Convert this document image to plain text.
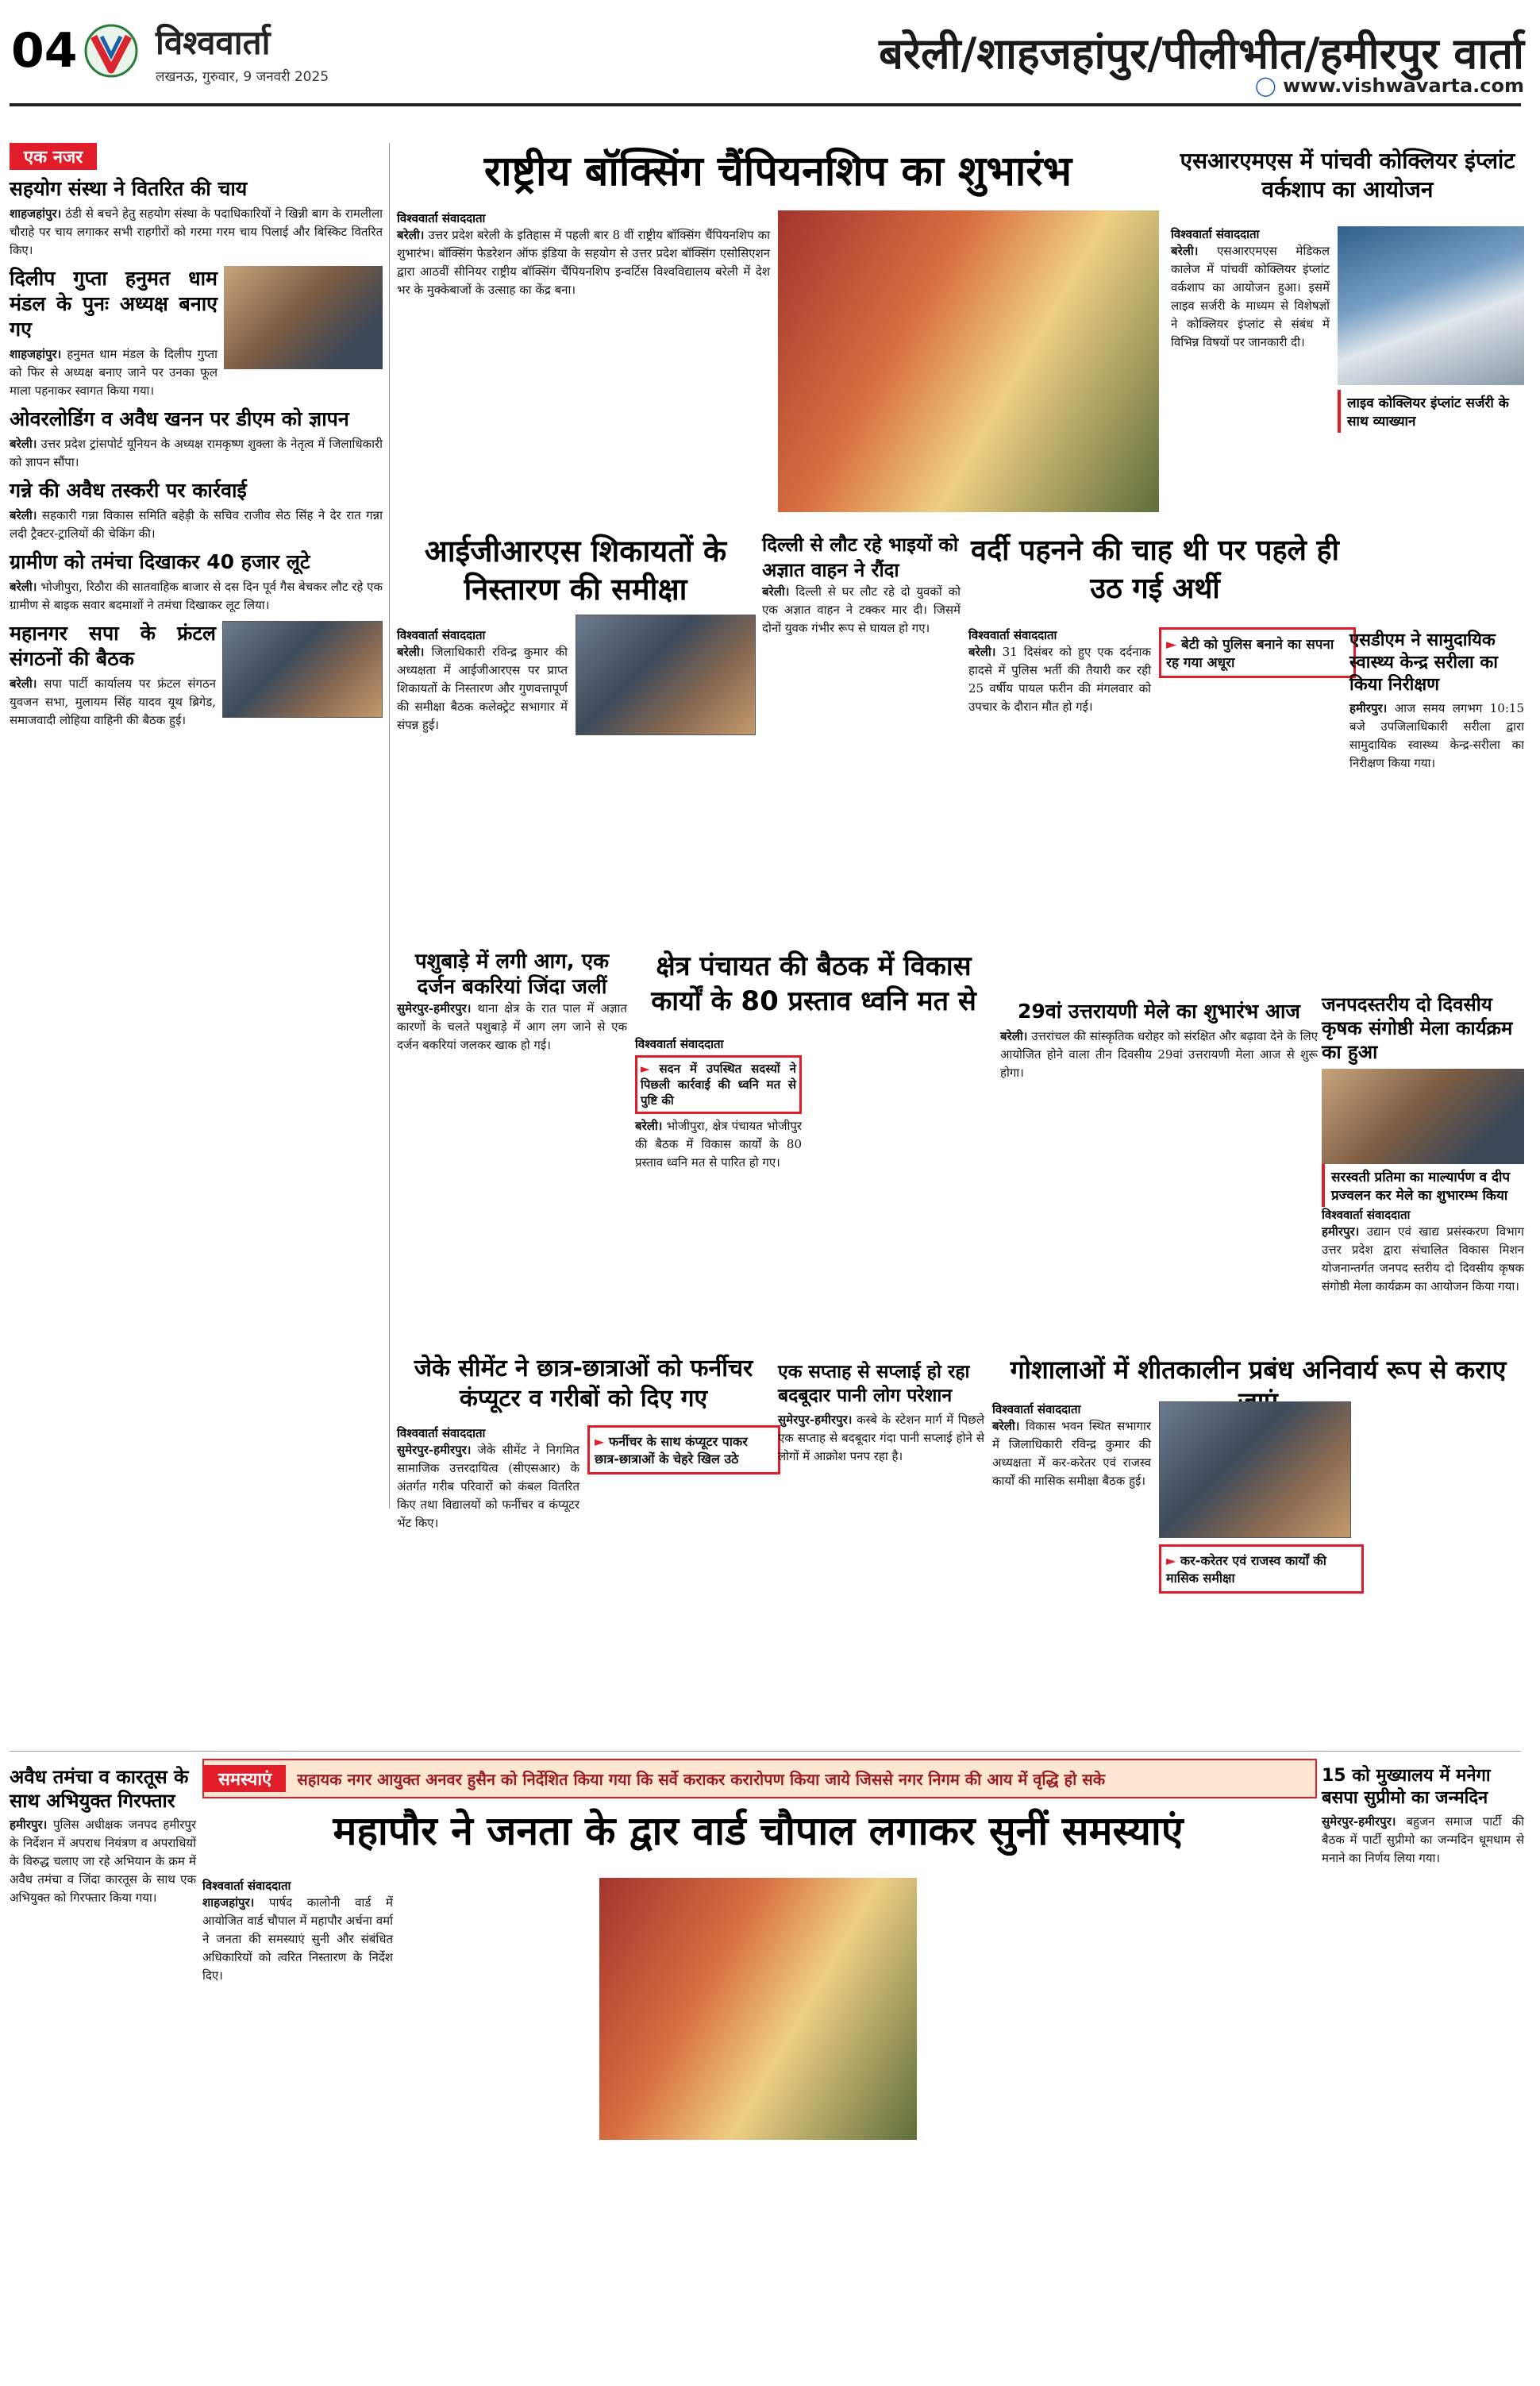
04 विश्ववार्ता
लखनऊ, गुरुवार, 9 जनवरी 2025	बरेली/शाहजहांपुर/पीलीभीत/हमीरपुर वार्ता
◯ www.vishwavarta.com
एक नजर
सहयोग संस्था ने वितरित की चाय

शाहजहांपुर। ठंडी से बचने हेतु सहयोग संस्था के पदाधिकारियों ने खिन्नी बाग के रामलीला चौराहे पर चाय लगाकर सभी राहगीरों को गरमा गरम चाय पिलाई और बिस्किट वितरित किए।

दिलीप गुप्ता हनुमत धाम मंडल के पुनः अध्यक्ष बनाए गए

शाहजहांपुर। हनुमत धाम मंडल के दिलीप गुप्ता को फिर से अध्यक्ष बनाए जाने पर उनका फूल माला पहनाकर स्वागत किया गया।

ओवरलोडिंग व अवैध खनन पर डीएम को ज्ञापन

बरेली। उत्तर प्रदेश ट्रांसपोर्ट यूनियन के अध्यक्ष रामकृष्ण शुक्ला के नेतृत्व में जिलाधिकारी को ज्ञापन सौंपा।

गन्ने की अवैध तस्करी पर कार्रवाई

बरेली। सहकारी गन्ना विकास समिति बहेड़ी के सचिव राजीव सेठ सिंह ने देर रात गन्ना लदी ट्रैक्टर-ट्रालियों की चेकिंग की।

ग्रामीण को तमंचा दिखाकर 40 हजार लूटे

बरेली। भोजीपुरा, रिठौरा की सातवाहिक बाजार से दस दिन पूर्व गैस बेचकर लौट रहे एक ग्रामीण से बाइक सवार बदमाशों ने तमंचा दिखाकर लूट लिया।

महानगर सपा के फ्रंटल संगठनों की बैठक

बरेली। सपा पार्टी कार्यालय पर फ्रंटल संगठन युवजन सभा, मुलायम सिंह यादव यूथ ब्रिगेड, समाजवादी लोहिया वाहिनी की बैठक हुई।

राष्ट्रीय बॉक्सिंग चैंपियनशिप का शुभारंभ
विश्ववार्ता संवाददाता

बरेली। उत्तर प्रदेश बरेली के इतिहास में पहली बार 8 वीं राष्ट्रीय बॉक्सिंग चैंपियनशिप का शुभारंभ। बॉक्सिंग फेडरेशन ऑफ इंडिया के सहयोग से उत्तर प्रदेश बॉक्सिंग एसोसिएशन द्वारा आठवीं सीनियर राष्ट्रीय बॉक्सिंग चैंपियनशिप इन्वर्टिस विश्वविद्यालय बरेली में देश भर के मुक्केबाजों के उत्साह का केंद्र बना।

एसआरएमएस में पांचवी कोक्लियर इंप्लांट वर्कशाप का आयोजन
विश्ववार्ता संवाददाता

बरेली। एसआरएमएस मेडिकल कालेज में पांचवीं कोक्लियर इंप्लांट वर्कशाप का आयोजन हुआ। इसमें लाइव सर्जरी के माध्यम से विशेषज्ञों ने कोक्लियर इंप्लांट से संबंध में विभिन्न विषयों पर जानकारी दी।

लाइव कोक्लियर इंप्लांट सर्जरी के साथ व्याख्यान
आईजीआरएस शिकायतों के निस्तारण की समीक्षा
विश्ववार्ता संवाददाता

बरेली। जिलाधिकारी रविन्द्र कुमार की अध्यक्षता में आईजीआरएस पर प्राप्त शिकायतों के निस्तारण और गुणवत्तापूर्ण की समीक्षा बैठक कलेक्ट्रेट सभागार में संपन्न हुई।

दिल्ली से लौट रहे भाइयों को अज्ञात वाहन ने रौंदा

बरेली। दिल्ली से घर लौट रहे दो युवकों को एक अज्ञात वाहन ने टक्कर मार दी। जिसमें दोनों युवक गंभीर रूप से घायल हो गए।

वर्दी पहनने की चाह थी पर पहले ही उठ गई अर्थी
विश्ववार्ता संवाददाता

बरेली। 31 दिसंबर को हुए एक दर्दनाक हादसे में पुलिस भर्ती की तैयारी कर रही 25 वर्षीय पायल फरीन की मंगलवार को उपचार के दौरान मौत हो गई।

► बेटी को पुलिस बनाने का सपना रह गया अधूरा
एसडीएम ने सामुदायिक स्वास्थ्य केन्द्र सरीला का किया निरीक्षण

हमीरपुर। आज समय लगभग 10:15 बजे उपजिलाधिकारी सरीला द्वारा सामुदायिक स्वास्थ्य केन्द्र-सरीला का निरीक्षण किया गया।

पशुबाड़े में लगी आग, एक दर्जन बकरियां जिंदा जलीं

सुमेरपुर-हमीरपुर। थाना क्षेत्र के रात पाल में अज्ञात कारणों के चलते पशुबाड़े में आग लग जाने से एक दर्जन बकरियां जलकर खाक हो गई।

क्षेत्र पंचायत की बैठक में विकास कार्यों के 80 प्रस्ताव ध्वनि मत से
विश्ववार्ता संवाददाता
► सदन में उपस्थित सदस्यों ने पिछली कार्रवाई की ध्वनि मत से पुष्टि की

बरेली। भोजीपुरा, क्षेत्र पंचायत भोजीपुर की बैठक में विकास कार्यों के 80 प्रस्ताव ध्वनि मत से पारित हो गए।

29वां उत्तरायणी मेले का शुभारंभ आज

बरेली। उत्तरांचल की सांस्कृतिक धरोहर को संरक्षित और बढ़ावा देने के लिए आयोजित होने वाला तीन दिवसीय 29वां उत्तरायणी मेला आज से शुरू होगा।

जनपदस्तरीय दो दिवसीय कृषक संगोष्ठी मेला कार्यक्रम का हुआ
सरस्वती प्रतिमा का माल्यार्पण व दीप प्रज्वलन कर मेले का शुभारम्भ किया
विश्ववार्ता संवाददाता

हमीरपुर। उद्यान एवं खाद्य प्रसंस्करण विभाग उत्तर प्रदेश द्वारा संचालित विकास मिशन योजनान्तर्गत जनपद स्तरीय दो दिवसीय कृषक संगोष्ठी मेला कार्यक्रम का आयोजन किया गया।

जेके सीमेंट ने छात्र-छात्राओं को फर्नीचर कंप्यूटर व गरीबों को दिए गए
विश्ववार्ता संवाददाता

सुमेरपुर-हमीरपुर। जेके सीमेंट ने निगमित सामाजिक उत्तरदायित्व (सीएसआर) के अंतर्गत गरीब परिवारों को कंबल वितरित किए तथा विद्यालयों को फर्नीचर व कंप्यूटर भेंट किए।

► फर्नीचर के साथ कंप्यूटर पाकर छात्र-छात्राओं के चेहरे खिल उठे
एक सप्ताह से सप्लाई हो रहा बदबूदार पानी लोग परेशान

सुमेरपुर-हमीरपुर। कस्बे के स्टेशन मार्ग में पिछले एक सप्ताह से बदबूदार गंदा पानी सप्लाई होने से लोगों में आक्रोश पनप रहा है।

गोशालाओं में शीतकालीन प्रबंध अनिवार्य रूप से कराए
विश्ववार्ता संवाददाता

बरेली। विकास भवन स्थित सभागार में जिलाधिकारी रविन्द्र कुमार की अध्यक्षता में कर-करेतर एवं राजस्व कार्यों की मासिक समीक्षा बैठक हुई।

► कर-करेतर एवं राजस्व कार्यों की मासिक समीक्षा
अवैध तमंचा व कारतूस के साथ अभियुक्त गिरफ्तार

हमीरपुर। पुलिस अधीक्षक जनपद हमीरपुर के निर्देशन में अपराध नियंत्रण व अपराधियों के विरुद्ध चलाए जा रहे अभियान के क्रम में अवैध तमंचा व जिंदा कारतूस के साथ एक अभियुक्त को गिरफ्तार किया गया।

समस्याएं	सहायक नगर आयुक्त अनवर हुसैन को निर्देशित किया गया कि सर्वे कराकर करारोपण किया जाये जिससे नगर निगम की आय में वृद्धि हो सके
महापौर ने जनता के द्वार वार्ड चौपाल लगाकर सुनीं समस्याएं
विश्ववार्ता संवाददाता

शाहजहांपुर। पार्षद कालोनी वार्ड में आयोजित वार्ड चौपाल में महापौर अर्चना वर्मा ने जनता की समस्याएं सुनी और संबंधित अधिकारियों को त्वरित निस्तारण के निर्देश दिए।

15 को मुख्यालय में मनेगा बसपा सुप्रीमो का जन्मदिन

सुमेरपुर-हमीरपुर। बहुजन समाज पार्टी की बैठक में पार्टी सुप्रीमो का जन्मदिन धूमधाम से मनाने का निर्णय लिया गया।
